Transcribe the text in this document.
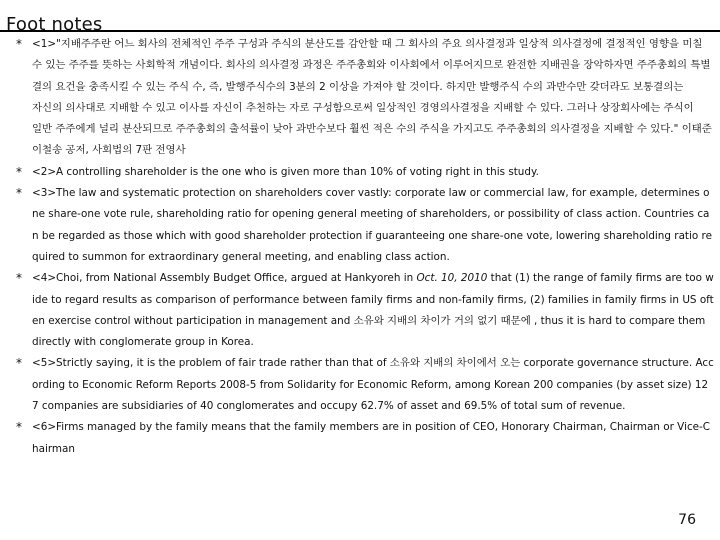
Foot notes

* <1>"지배주주란 어느 회사의 전체적인 주주 구성과 주식의 분산도를 감안할 때 그 회사의 주요 의사결정과 일상적 의사결정에 결정적인 영향을 미칠 수 있는 주주를 뜻하는 사회학적 개념이다. 회사의 의사결정 과정은 주주총회와 이사회에서 이루어지므로 완전한 지배권을 장악하자면 주주총회의 특별 결의 요건을 충족시킬 수 있는 주식 수, 즉, 발행주식수의 3분의 2 이상을 가져야 할 것이다. 하지만 발행주식 수의 과반수만 갖더라도 보통결의는 자신의 의사대로 지배할 수 있고 이사를 자신이 추천하는 자로 구성함으로써 일상적인 경영의사결정을 지배할 수 있다. 그러나 상장회사에는 주식이 일반 주주에게 널리 분산되므로 주주총회의 출석률이 낮아 과반수보다 훨씬 적은 수의 주식을 가지고도 주주총회의 의사결정을 지배할 수 있다." 이태준 이철송 공저, 사회법의 7판 전영사

* <2>A controlling shareholder is the one who is given more than 10% of voting right in this study.

* <3>The law and systematic protection on shareholders cover vastly: corporate law or commercial law, for example, determines one share-one vote rule, shareholding ratio for opening general meeting of shareholders, or possibility of class action. Countries can be regarded as those which with good shareholder protection if guaranteeing one share-one vote, lowering shareholding ratio required to summon for extraordinary general meeting, and enabling class action.

* <4>Choi, from National Assembly Budget Office, argued at Hankyoreh in Oct. 10, 2010 that (1) the range of family firms are too wide to regard results as comparison of performance between family firms and non-family firms, (2) families in family firms in US often exercise control without participation in management and 소유와 지배의 차이가 거의 없기 때문에 , thus it is hard to compare them directly with conglomerate group in Korea.

* <5>Strictly saying, it is the problem of fair trade rather than that of 소유와 지배의 차이에서 오는 corporate governance structure. According to Economic Reform Reports 2008-5 from Solidarity for Economic Reform, among Korean 200 companies (by asset size) 127 companies are subsidiaries of 40 conglomerates and occupy 62.7% of asset and 69.5% of total sum of revenue.

* <6>Firms managed by the family means that the family members are in position of CEO, Honorary Chairman, Chairman or Vice-Chairman

76
